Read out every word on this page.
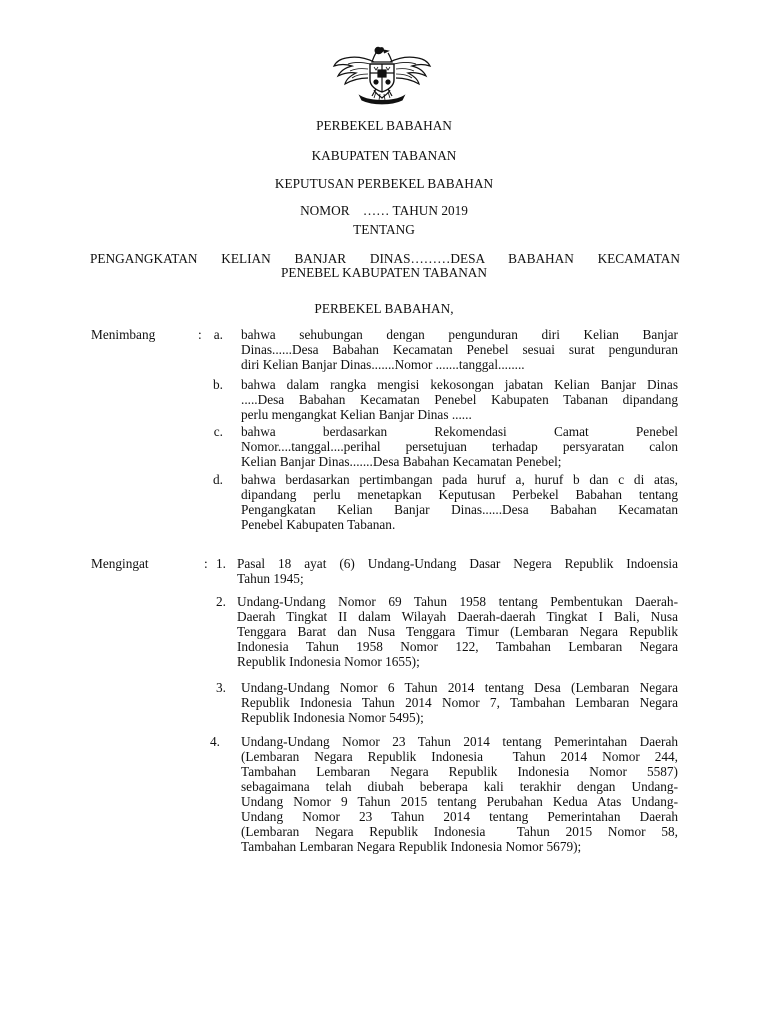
PERBEKEL BABAHAN
KABUPATEN TABANAN
KEPUTUSAN PERBEKEL BABAHAN
NOMOR    …… TAHUN 2019
TENTANG
PENGANGKATAN KELIAN BANJAR DINAS………DESA BABAHAN KECAMATAN
PENEBEL KABUPATEN TABANAN
PERBEKEL BABAHAN,
Menimbang	: a. bahwa sehubungan dengan pengunduran diri Kelian Banjar
Dinas......Desa Babahan Kecamatan Penebel sesuai surat pengunduran
diri Kelian Banjar Dinas.......Nomor .......tanggal........
b. bahwa dalam rangka mengisi kekosongan jabatan Kelian Banjar Dinas
.....Desa Babahan Kecamatan Penebel Kabupaten Tabanan dipandang
perlu mengangkat Kelian Banjar Dinas ......
c. bahwa berdasarkan Rekomendasi Camat Penebel
Nomor....tanggal....perihal persetujuan terhadap persyaratan calon
Kelian Banjar Dinas.......Desa Babahan Kecamatan Penebel;
d. bahwa berdasarkan pertimbangan pada huruf a, huruf b dan c di atas,
dipandang perlu menetapkan Keputusan Perbekel Babahan tentang
Pengangkatan Kelian Banjar Dinas......Desa Babahan Kecamatan
Penebel Kabupaten Tabanan.
Mengingat	: 1. Pasal 18 ayat (6) Undang-Undang Dasar Negera Republik Indoensia
Tahun 1945;
2. Undang-Undang Nomor 69 Tahun 1958 tentang Pembentukan Daerah-
Daerah Tingkat II dalam Wilayah Daerah-daerah Tingkat I Bali, Nusa
Tenggara Barat dan Nusa Tenggara Timur (Lembaran Negara Republik
Indonesia Tahun 1958 Nomor 122, Tambahan Lembaran Negara
Republik Indonesia Nomor 1655);
3. Undang-Undang Nomor 6 Tahun 2014 tentang Desa (Lembaran Negara
Republik Indonesia Tahun 2014 Nomor 7, Tambahan Lembaran Negara
Republik Indonesia Nomor 5495);
4. Undang-Undang Nomor 23 Tahun 2014 tentang Pemerintahan Daerah
(Lembaran Negara Republik Indonesia  Tahun 2014 Nomor 244,
Tambahan Lembaran Negara Republik Indonesia Nomor 5587)
sebagaimana telah diubah beberapa kali terakhir dengan Undang-
Undang Nomor 9 Tahun 2015 tentang Perubahan Kedua Atas Undang-
Undang Nomor 23 Tahun 2014 tentang Pemerintahan Daerah
(Lembaran Negara Republik Indonesia  Tahun 2015 Nomor 58,
Tambahan Lembaran Negara Republik Indonesia Nomor 5679);
